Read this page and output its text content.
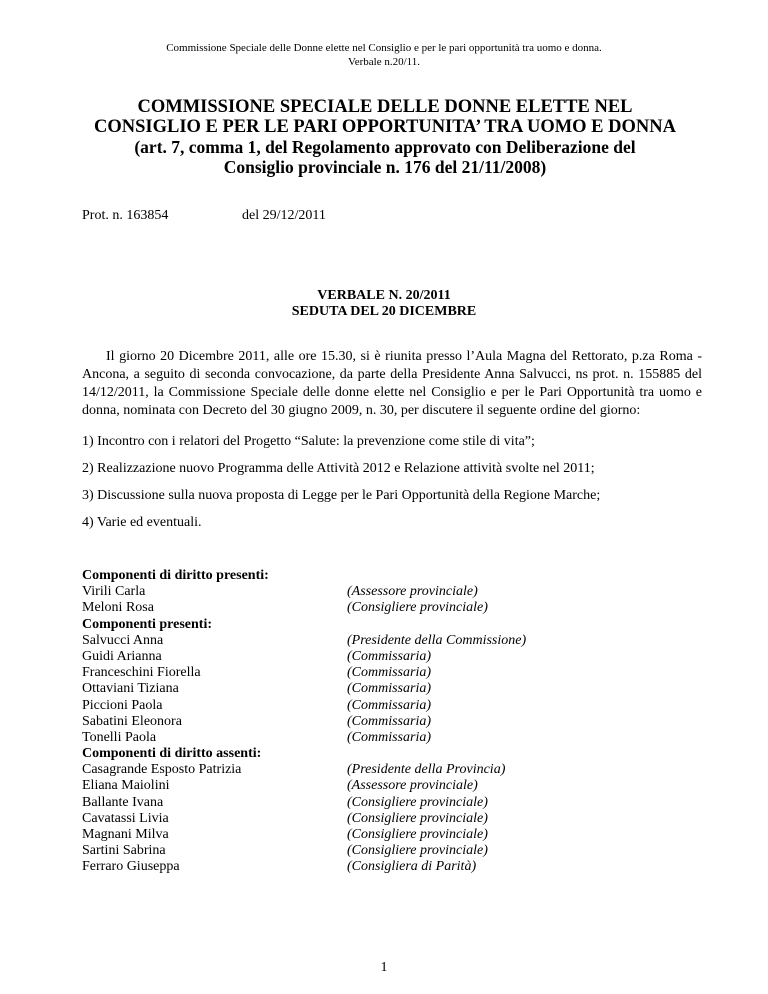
Commissione Speciale delle Donne elette nel Consiglio e per le pari opportunità tra uomo e donna.
Verbale n.20/11.
COMMISSIONE SPECIALE DELLE DONNE ELETTE NEL
CONSIGLIO E PER LE PARI OPPORTUNITA’ TRA UOMO E DONNA
(art. 7, comma 1, del Regolamento approvato con Deliberazione del
Consiglio provinciale n. 176 del 21/11/2008)
Prot. n. 163854	del 29/12/2011
VERBALE N. 20/2011
SEDUTA DEL 20 DICEMBRE

Il giorno 20 Dicembre 2011, alle ore 15.30, si è riunita presso l’Aula Magna del Rettorato, p.za Roma - Ancona, a seguito di seconda convocazione, da parte della Presidente Anna Salvucci, ns prot. n. 155885 del 14/12/2011, la Commissione Speciale delle donne elette nel Consiglio e per le Pari Opportunità tra uomo e donna, nominata con Decreto del 30 giugno 2009, n. 30, per discutere il seguente ordine del giorno:

1) Incontro con i relatori del Progetto “Salute: la prevenzione come stile di vita”;
2) Realizzazione nuovo Programma delle Attività 2012 e Relazione attività svolte nel 2011;
3) Discussione sulla nuova proposta di Legge per le Pari Opportunità della Regione Marche;
4) Varie ed eventuali.
Componenti di diritto presenti:
Virili Carla	(Assessore provinciale)
Meloni Rosa	(Consigliere provinciale)
Componenti presenti:
Salvucci Anna	(Presidente della Commissione)
Guidi Arianna	(Commissaria)
Franceschini Fiorella	(Commissaria)
Ottaviani Tiziana	(Commissaria)
Piccioni Paola	(Commissaria)
Sabatini Eleonora	(Commissaria)
Tonelli Paola	(Commissaria)
Componenti di diritto assenti:
Casagrande Esposto Patrizia	(Presidente della Provincia)
Eliana Maiolini	(Assessore provinciale)
Ballante Ivana	(Consigliere provinciale)
Cavatassi Livia	(Consigliere provinciale)
Magnani Milva	(Consigliere provinciale)
Sartini Sabrina	(Consigliere provinciale)
Ferraro Giuseppa	(Consigliera di Parità)
1
